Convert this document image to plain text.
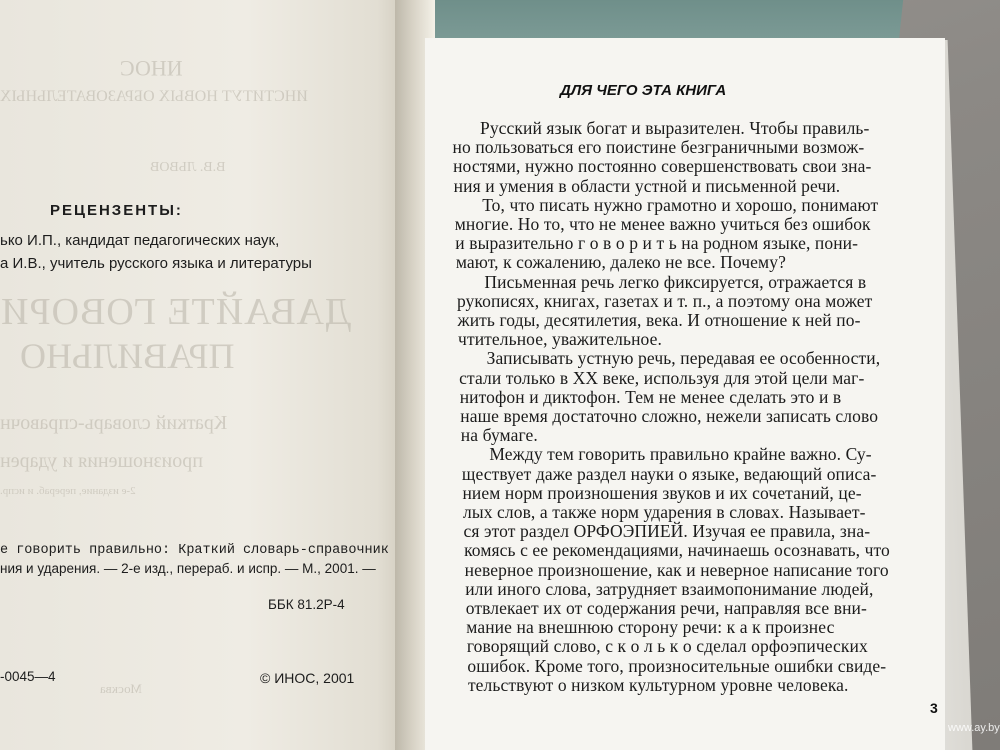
ИНОС
ИНСТИТУТ НОВЫХ ОБРАЗОВАТЕЛЬНЫХ
В.В. ЛЬВОВ
РЕЦЕНЗЕНТЫ:
ько И.П., кандидат педагогических наук,
а И.В., учитель русского языка и литературы
ДАВАЙТЕ ГОВОРИ
ПРАВИЛЬНО
Краткий словарь-справочн
произношения и ударен
2-е издание, перераб. и испр.
е говорить правильно: Краткий словарь-справочник
ния и ударения. — 2-е изд., перераб. и испр. — М., 2001. —
ББК 81.2Р-4
-0045—4
Москва
© ИНОС, 2001
ДЛЯ ЧЕГО ЭТА КНИГА
Русский язык богат и выразителен. Чтобы правиль-
но пользоваться его поистине безграничными возмож-
ностями, нужно постоянно совершенствовать свои зна-
ния и умения в области устной и письменной речи.
То, что писать нужно грамотно и хорошо, понимают
многие. Но то, что не менее важно учиться без ошибок
и выразительно г о в о р и т ь на родном языке, пони-
мают, к сожалению, далеко не все. Почему?
Письменная речь легко фиксируется, отражается в
рукописях, книгах, газетах и т. п., а поэтому она может
жить годы, десятилетия, века. И отношение к ней по-
чтительное, уважительное.
Записывать устную речь, передавая ее особенности,
стали только в XX веке, используя для этой цели маг-
нитофон и диктофон. Тем не менее сделать это и в
наше время достаточно сложно, нежели записать слово
на бумаге.
Между тем говорить правильно крайне важно. Су-
ществует даже раздел науки о языке, ведающий описа-
нием норм произношения звуков и их сочетаний, це-
лых слов, а также норм ударения в словах. Называет-
ся этот раздел ОРФОЭПИЕЙ. Изучая ее правила, зна-
комясь с ее рекомендациями, начинаешь осознавать, что
неверное произношение, как и неверное написание того
или иного слова, затрудняет взаимопонимание людей,
отвлекает их от содержания речи, направляя все вни-
мание на внешнюю сторону речи: к а к произнес
говорящий слово, с к о л ь к о сделал орфоэпических
ошибок. Кроме того, произносительные ошибки свиде-
тельствуют о низком культурном уровне человека.
3
www.ay.by
